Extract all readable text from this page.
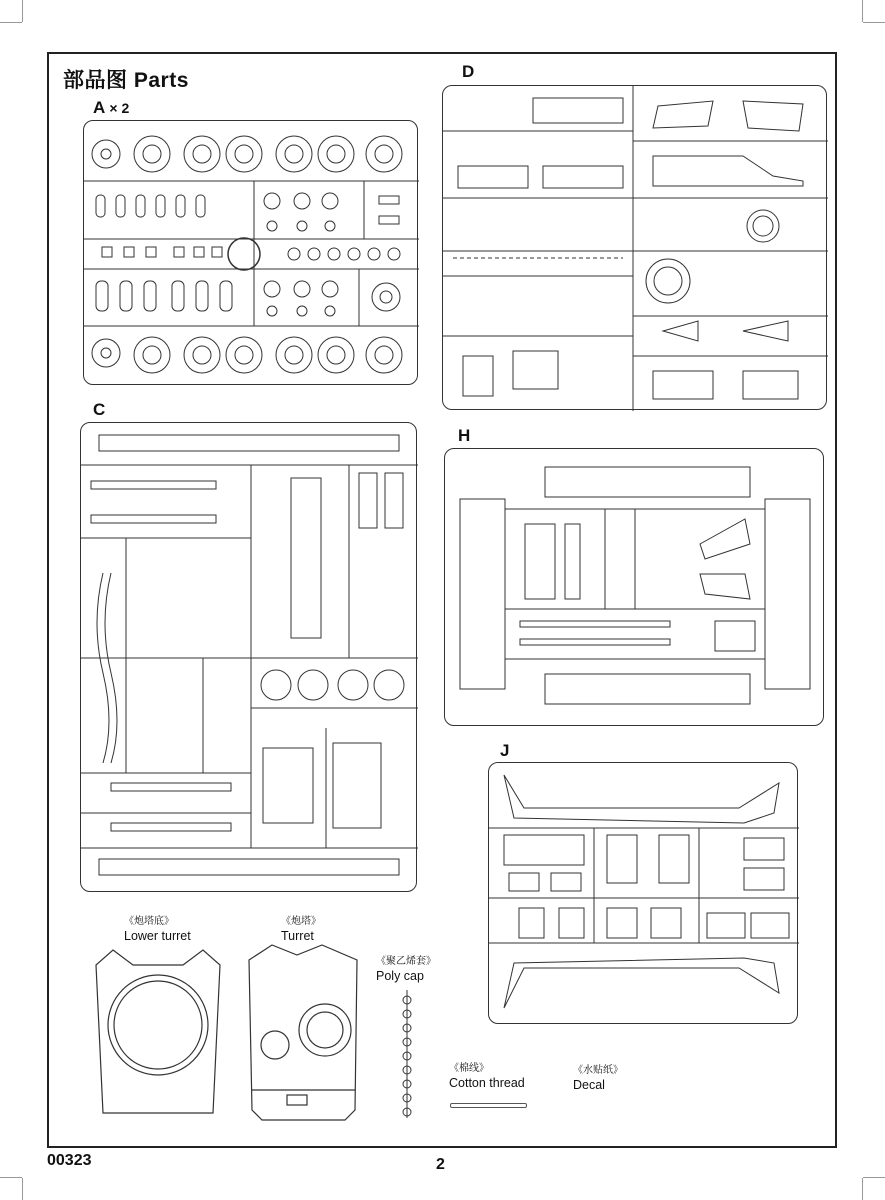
部品图 Parts
A × 2
C
D
H
J
《炮塔底》
Lower turret
《炮塔》
Turret
《聚乙烯套》
Poly cap
《棉线》
Cotton thread
《水贴纸》
Decal
00323	2
